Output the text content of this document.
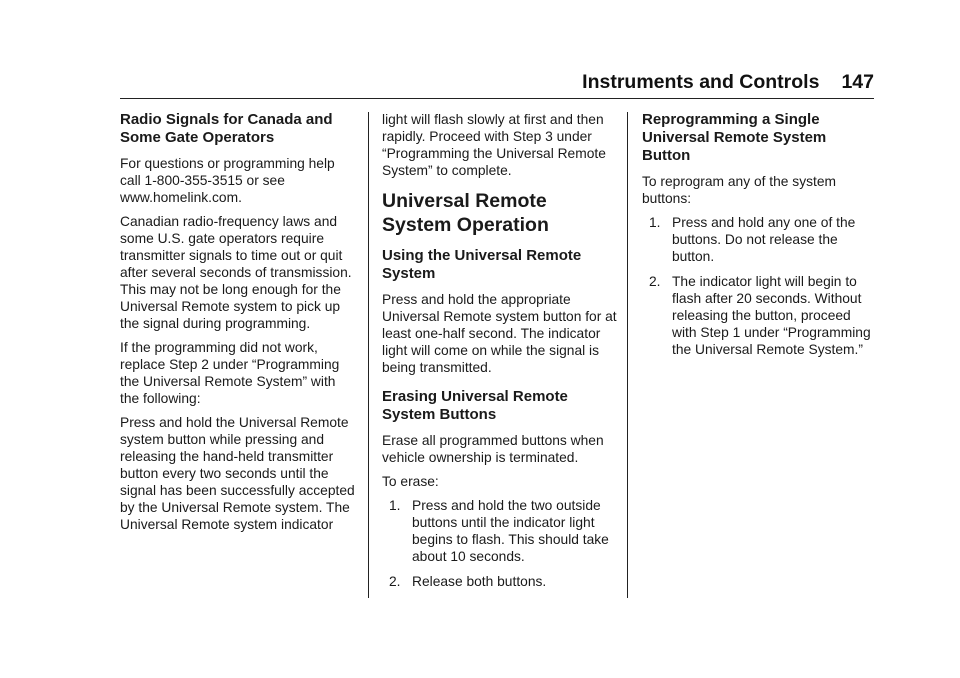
Instruments and Controls 147
Radio Signals for Canada and Some Gate Operators

For questions or programming help call 1-800-355-3515 or see www.homelink.com.

Canadian radio-frequency laws and some U.S. gate operators require transmitter signals to time out or quit after several seconds of transmission. This may not be long enough for the Universal Remote system to pick up the signal during programming.

If the programming did not work, replace Step 2 under “Programming the Universal Remote System” with the following:

Press and hold the Universal Remote system button while pressing and releasing the hand-held transmitter button every two seconds until the signal has been successfully accepted by the Universal Remote system. The Universal Remote system indicator

light will flash slowly at first and then rapidly. Proceed with Step 3 under “Programming the Universal Remote System” to complete.

Universal Remote System Operation
Using the Universal Remote System

Press and hold the appropriate Universal Remote system button for at least one-half second. The indicator light will come on while the signal is being transmitted.

Erasing Universal Remote System Buttons

Erase all programmed buttons when vehicle ownership is terminated.

To erase:

1. Press and hold the two outside buttons until the indicator light begins to flash. This should take about 10 seconds.
2. Release both buttons.
Reprogramming a Single Universal Remote System Button

To reprogram any of the system buttons:

1. Press and hold any one of the buttons. Do not release the button.
2. The indicator light will begin to flash after 20 seconds. Without releasing the button, proceed with Step 1 under “Programming the Universal Remote System.”
